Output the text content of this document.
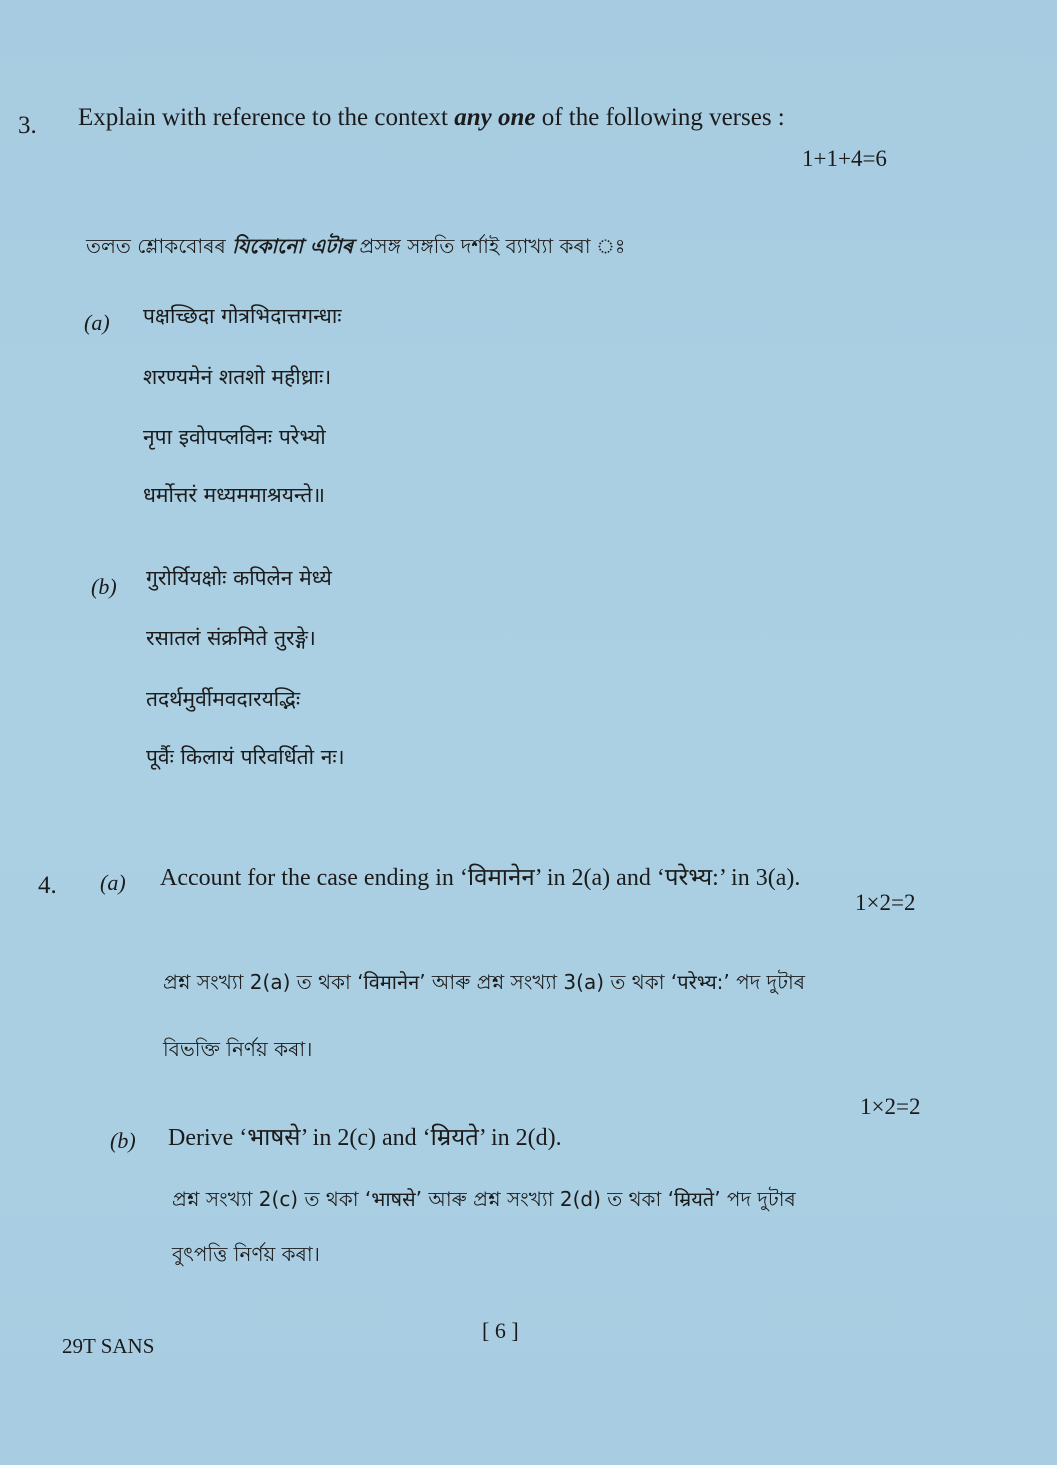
3. Explain with reference to the context any one of the following verses :
1+1+4=6
তলত শ্লোকবোৰৰ যিকোনো এটাৰ প্ৰসঙ্গ সঙ্গতি দৰ্শাই ব্যাখ্যা কৰা ঃ
(a) पक्षच्छिदा गोत्रभिदात्तगन्धाः
शरण्यमेनं शतशो महीध्राः।
नृपा इवोपप्लविनः परेभ्यो
धर्मोत्तरं मध्यममाश्रयन्ते॥
(b) गुरोर्यियक्षोः कपिलेन मेध्ये
रसातलं संक्रमिते तुरङ्गे।
तदर्थमुर्वीमवदारयद्भिः
पूर्वैः किलायं परिवर्धितो नः।
4. (a) Account for the case ending in ‘विमानेन’ in 2(a) and ‘परेभ्य:’ in 3(a).
1×2=2
প্ৰশ্ন সংখ্যা 2(a) ত থকা ‘विमानेन’ আৰু প্ৰশ্ন সংখ্যা 3(a) ত থকা ‘परेभ्य:’ পদ দুটাৰ
বিভক্তি নিৰ্ণয় কৰা।
1×2=2
(b) Derive ‘भाषसे’ in 2(c) and ‘म्रियते’ in 2(d).
প্ৰশ্ন সংখ্যা 2(c) ত থকা ‘भाषसे’ আৰু প্ৰশ্ন সংখ্যা 2(d) ত থকা ‘म्रियते’ পদ দুটাৰ
বুৎপত্তি নিৰ্ণয় কৰা।
29T SANS
[ 6 ]
